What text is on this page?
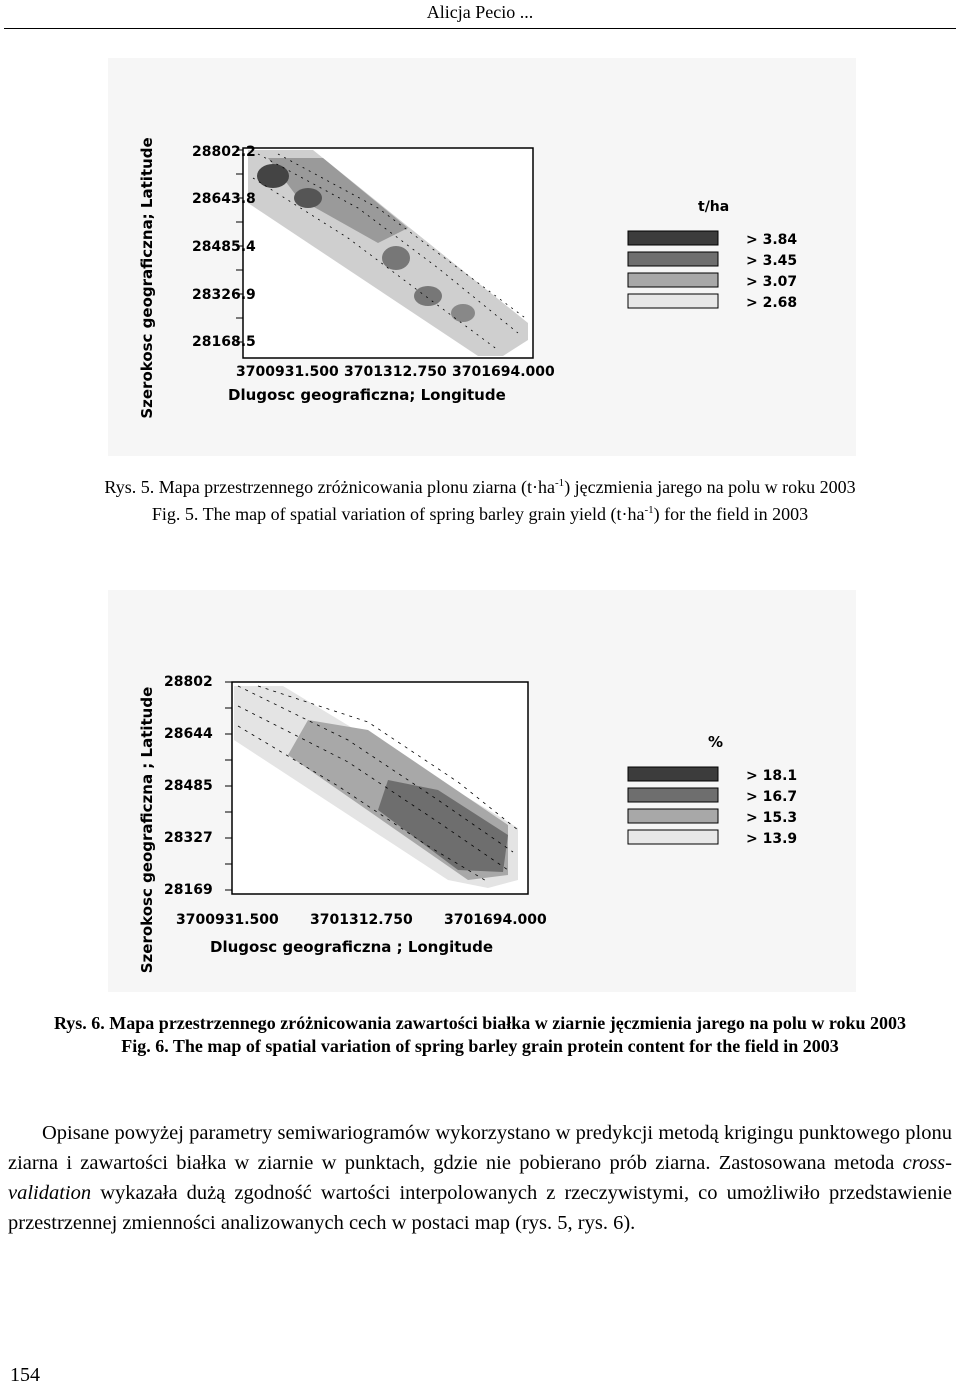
Alicja Pecio ...
Szerokosc geograficzna; Latitude	28802.2
28643.8
28485.4
28326.9
28168.5
3700931.500 3701312.750 3701694.000
Dlugosc geograficzna; Longitude
t/ha
> 3.84
> 3.45
> 3.07
> 2.68
Rys. 5. Mapa przestrzennego zróżnicowania plonu ziarna $(t\cdot ha^{-1})$ jęczmienia jarego na polu w roku 2003
Fig. 5. The map of spatial variation of spring barley grain yield $(t\cdot ha^{-1})$ for the field in 2003
Szerokosc geograficzna ; Latitude
28802
28644
28485
28327
28169
3700931.500 3701312.750 3701694.000
Dlugosc geograficzna ; Longitude
%
> 18.1
> 16.7
> 15.3
> 13.9
Rys. 6. Mapa przestrzennego zróżnicowania zawartości białka w ziarnie jęczmienia jarego na polu w roku 2003
Fig. 6. The map of spatial variation of spring barley grain protein content for the field in 2003
Opisane powyżej parametry semiwariogramów wykorzystano w predykcji metodą krigingu punktowego plonu ziarna i zawartości białka w ziarnie w punktach, gdzie nie pobierano prób ziarna. Zastosowana metoda cross-validation wykazała dużą zgodność wartości interpolowanych z rzeczywistymi, co umożliwiło przedstawienie przestrzennej zmienności analizowanych cech w postaci map (rys. 5, rys. 6).
154
